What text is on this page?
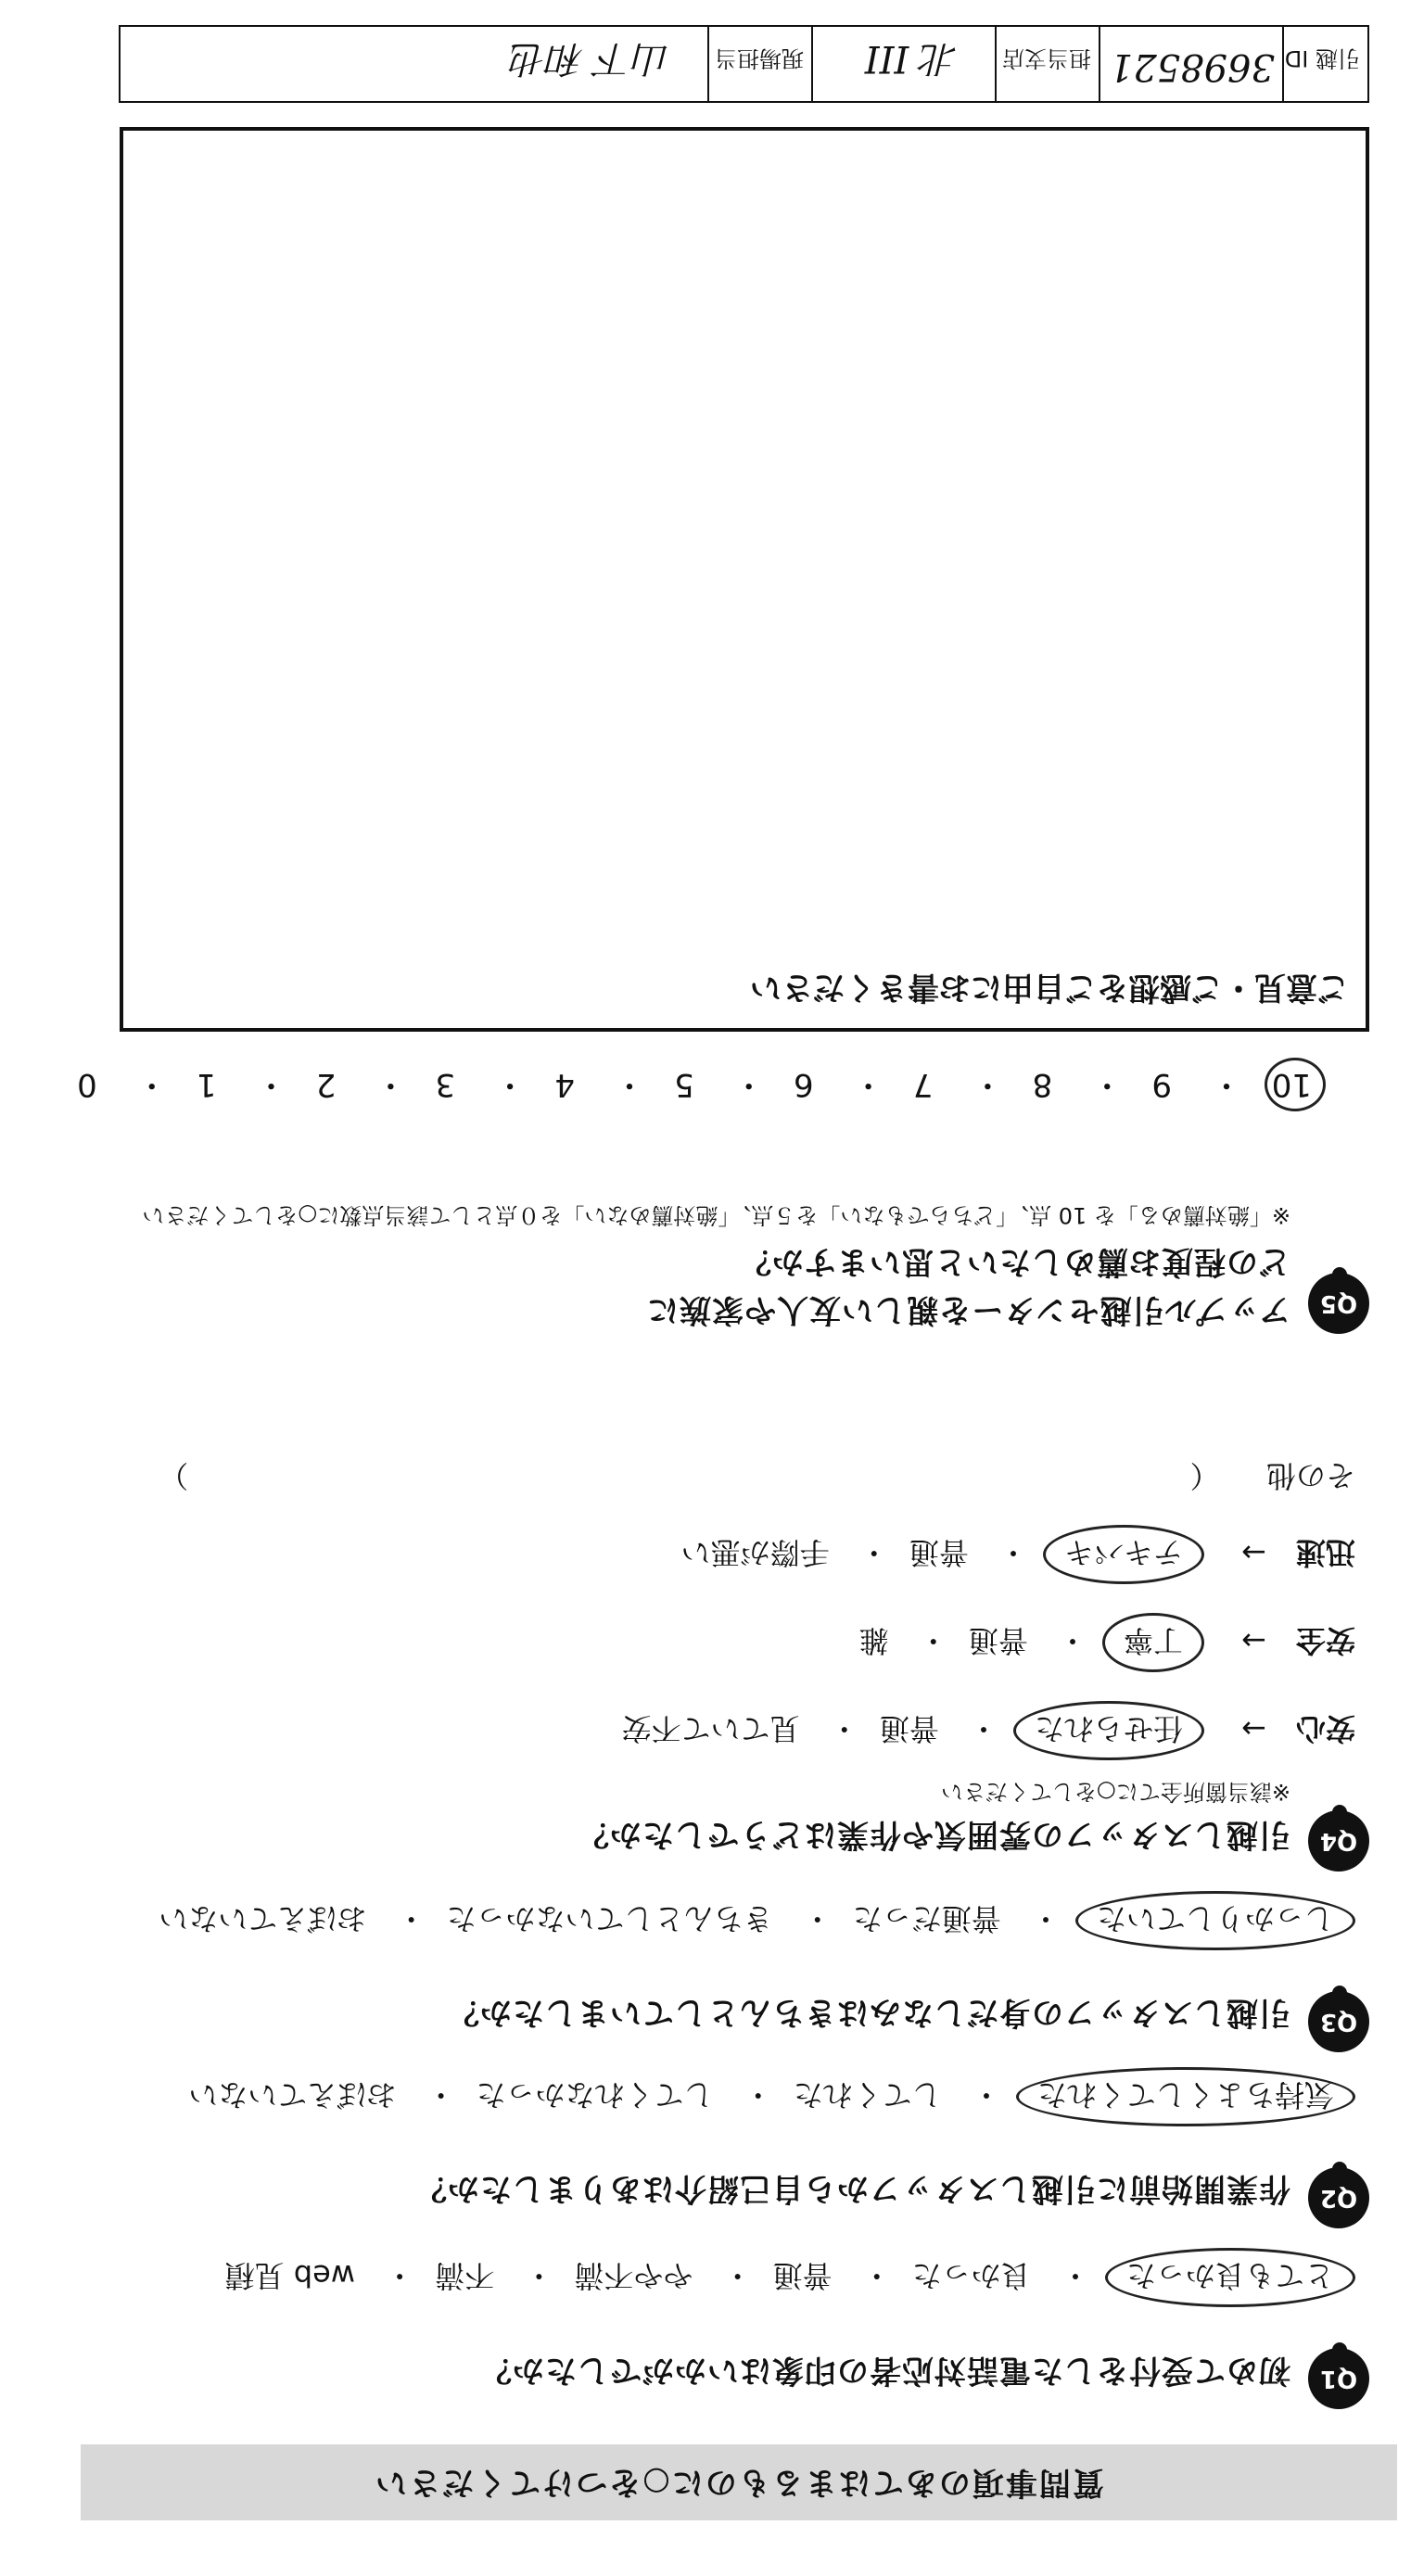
質問事項のあてはまるものに○をつけてください
Q1
初めて受付をした電話対応者の印象はいかがでしたか？
とても良かった・ 良かった・ 普通・ やや不満・ 不満・ web 見積
Q2
作業開始前に引越しスタッフから自己紹介はありましたか？
気持ちよくしてくれた・ してくれた・ してくれなかった・ おぼえていない
Q3
引越しスタッフの身だしなみはきちんとしていましたか？
しっかりしていた・ 普通だった・ きちんとしていなかった・ おぼえていない
Q4
引越しスタッフの雰囲気や作業はどうでしたか？
※該当箇所全てに○をしてください
安心→ 任せられた・ 普通・ 見ていて不安
安全→ 丁寧・ 普通・ 雑
迅速→ テキパキ・ 普通・ 手際が悪い
その他  （  ）
Q5
アップル引越センターを親しい友人や家族に
どの程度お薦めしたいと思いますか？
※「絶対薦める」を 10 点、「どちらでもない」を５点、「絶対薦めない」を０点として該当点数に○をしてください
10・ 9・ 8・ 7・ 6・ 5・ 4・ 3・ 2・ 1・ 0
ご意見・ご感想をご自由にお書きください
引越 ID
3698521
担当支店
北 III
現場担当
山下 和也
